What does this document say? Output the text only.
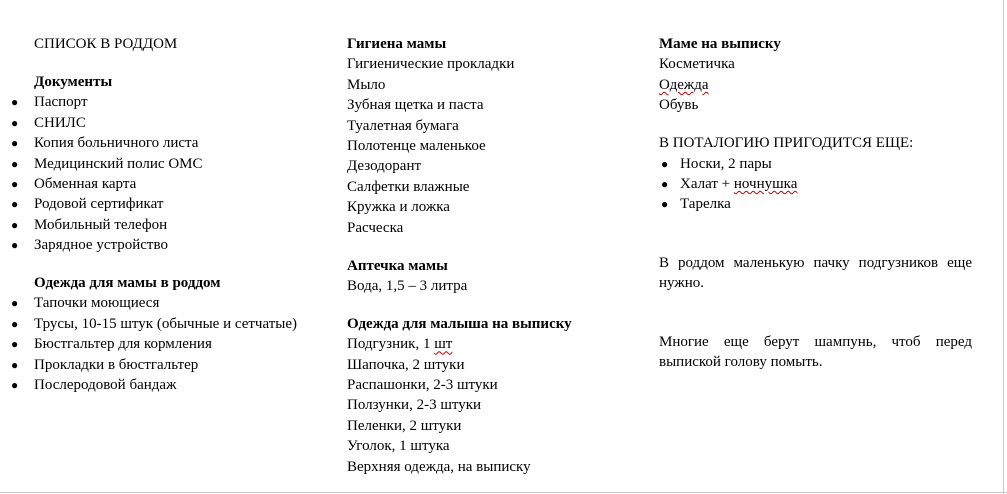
СПИСОК В РОДДОМ
Документы
● Паспорт
● СНИЛС
● Копия больничного листа
● Медицинский полис ОМС
● Обменная карта
● Родовой сертификат
● Мобильный телефон
● Зарядное устройство
Одежда для мамы в роддом
● Тапочки моющиеся
● Трусы, 10-15 штук (обычные и сетчатые)
● Бюстгальтер для кормления
● Прокладки в бюстгальтер
● Послеродовой бандаж
Гигиена мамы
Гигиенические прокладки
Мыло
Зубная щетка и паста
Туалетная бумага
Полотенце маленькое
Дезодорант
Салфетки влажные
Кружка и ложка
Расческа
Аптечка мамы
Вода, 1,5 – 3 литра
Одежда для малыша на выписку
Подгузник, 1 шт
Шапочка, 2 штуки
Распашонки, 2-3 штуки
Ползунки, 2-3 штуки
Пеленки, 2 штуки
Уголок, 1 штука
Верхняя одежда, на выписку
Маме на выписку
Косметичка
Одежда
Обувь
В ПОТАЛОГИЮ ПРИГОДИТСЯ ЕЩЕ:
● Носки, 2 пары
● Халат + ночнушка
● Тарелка
В роддом маленькую пачку подгузников еще нужно.
Многие еще берут шампунь, чтоб перед выпиской голову помыть.
